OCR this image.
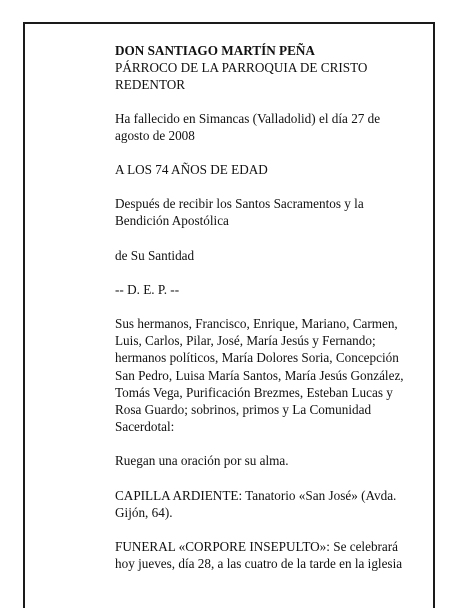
DON SANTIAGO MARTÍN PEÑA
PÁRROCO DE LA PARROQUIA DE CRISTO REDENTOR

Ha fallecido en Simancas (Valladolid) el día 27 de agosto de 2008

A LOS 74 AÑOS DE EDAD

Después de recibir los Santos Sacramentos y la Bendición Apostólica

de Su Santidad

-- D. E. P. --

Sus hermanos, Francisco, Enrique, Mariano, Carmen, Luis, Carlos, Pilar, José, María Jesús y Fernando; hermanos políticos, María Dolores Soria, Concepción San Pedro, Luisa María Santos, María Jesús González, Tomás Vega, Purificación Brezmes, Esteban Lucas y Rosa Guardo; sobrinos, primos y La Comunidad Sacerdotal:

Ruegan una oración por su alma.

CAPILLA ARDIENTE: Tanatorio «San José» (Avda. Gijón, 64).

FUNERAL «CORPORE INSEPULTO»: Se celebrará hoy jueves, día 28, a las cuatro de la tarde en la iglesia
